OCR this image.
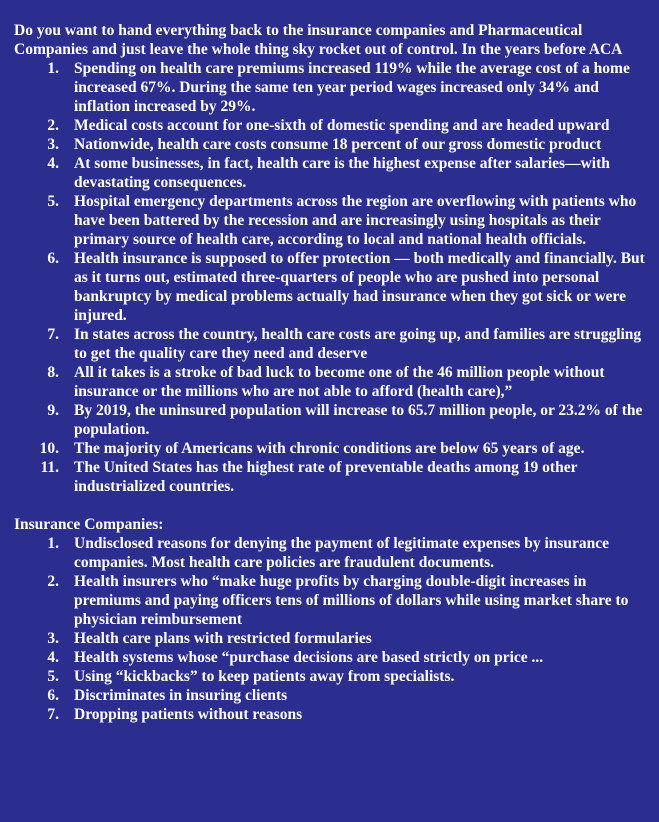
Do you want to hand everything back to the insurance companies and Pharmaceutical Companies and just leave the whole thing sky rocket out of control. In the years before ACA

1. Spending on health care premiums increased 119% while the average cost of a home increased 67%. During the same ten year period wages increased only 34% and inflation increased by 29%.
2. Medical costs account for one-sixth of domestic spending and are headed upward
3. Nationwide, health care costs consume 18 percent of our gross domestic product
4. At some businesses, in fact, health care is the highest expense after salaries—with devastating consequences.
5. Hospital emergency departments across the region are overflowing with patients who have been battered by the recession and are increasingly using hospitals as their primary source of health care, according to local and national health officials.
6. Health insurance is supposed to offer protection — both medically and financially. But as it turns out, estimated three-quarters of people who are pushed into personal bankruptcy by medical problems actually had insurance when they got sick or were injured.
7. In states across the country, health care costs are going up, and families are struggling to get the quality care they need and deserve
8. All it takes is a stroke of bad luck to become one of the 46 million people without insurance or the millions who are not able to afford (health care),”
9. By 2019, the uninsured population will increase to 65.7 million people, or 23.2% of the population.
10. The majority of Americans with chronic conditions are below 65 years of age.
11. The United States has the highest rate of preventable deaths among 19 other industrialized countries.

Insurance Companies:

1. Undisclosed reasons for denying the payment of legitimate expenses by insurance companies. Most health care policies are fraudulent documents.
2. Health insurers who “make huge profits by charging double-digit increases in premiums and paying officers tens of millions of dollars while using market share to physician reimbursement
3. Health care plans with restricted formularies
4. Health systems whose “purchase decisions are based strictly on price ...
5. Using “kickbacks” to keep patients away from specialists.
6. Discriminates in insuring clients
7. Dropping patients without reasons
